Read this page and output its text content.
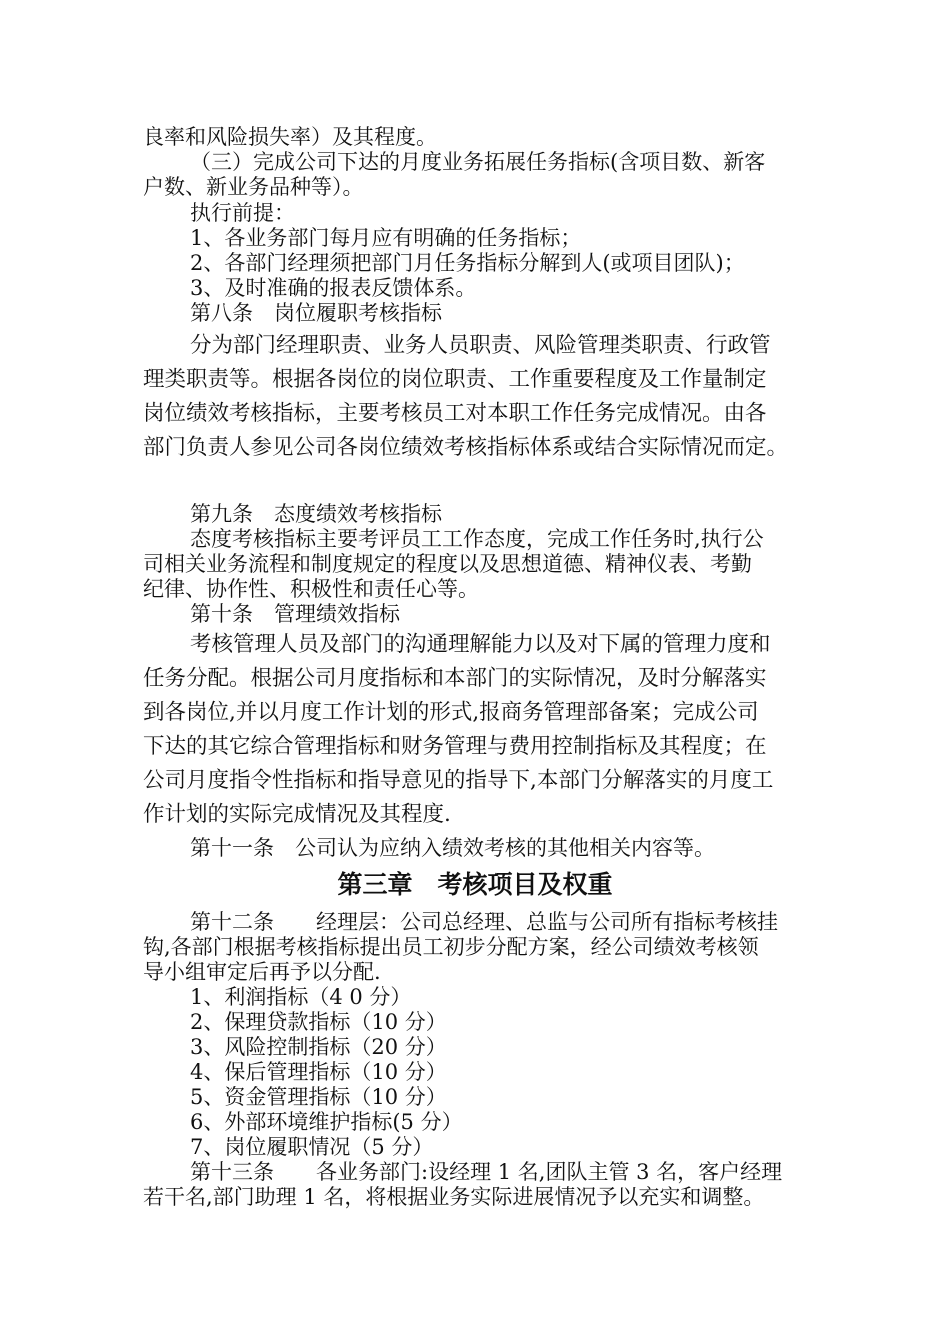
良率和风险损失率）及其程度。
（三）完成公司下达的月度业务拓展任务指标(含项目数、新客
户数、新业务品种等）。
执行前提：
1、各业务部门每月应有明确的任务指标；
2、各部门经理须把部门月任务指标分解到人(或项目团队)；
3、及时准确的报表反馈体系。
第八条　岗位履职考核指标
分为部门经理职责、业务人员职责、风险管理类职责、行政管
理类职责等。根据各岗位的岗位职责、工作重要程度及工作量制定
岗位绩效考核指标，主要考核员工对本职工作任务完成情况。由各
部门负责人参见公司各岗位绩效考核指标体系或结合实际情况而定。
第九条　态度绩效考核指标
态度考核指标主要考评员工工作态度，完成工作任务时,执行公
司相关业务流程和制度规定的程度以及思想道德、精神仪表、考勤
纪律、协作性、积极性和责任心等。
第十条　管理绩效指标
考核管理人员及部门的沟通理解能力以及对下属的管理力度和
任务分配。根据公司月度指标和本部门的实际情况，及时分解落实
到各岗位,并以月度工作计划的形式,报商务管理部备案；完成公司
下达的其它综合管理指标和财务管理与费用控制指标及其程度；在
公司月度指令性指标和指导意见的指导下,本部门分解落实的月度工
作计划的实际完成情况及其程度.
第十一条　公司认为应纳入绩效考核的其他相关内容等。
第三章　考核项目及权重
第十二条　　经理层：公司总经理、总监与公司所有指标考核挂
钩,各部门根据考核指标提出员工初步分配方案，经公司绩效考核领
导小组审定后再予以分配.
1、利润指标（4 0 分）
2、保理贷款指标（10 分）
3、风险控制指标（20 分）
4、保后管理指标（10 分）
5、资金管理指标（10 分）
6、外部环境维护指标(5 分）
7、岗位履职情况（5 分）
第十三条　　各业务部门:设经理 1 名,团队主管 3 名，客户经理
若干名,部门助理 1 名，将根据业务实际进展情况予以充实和调整。
